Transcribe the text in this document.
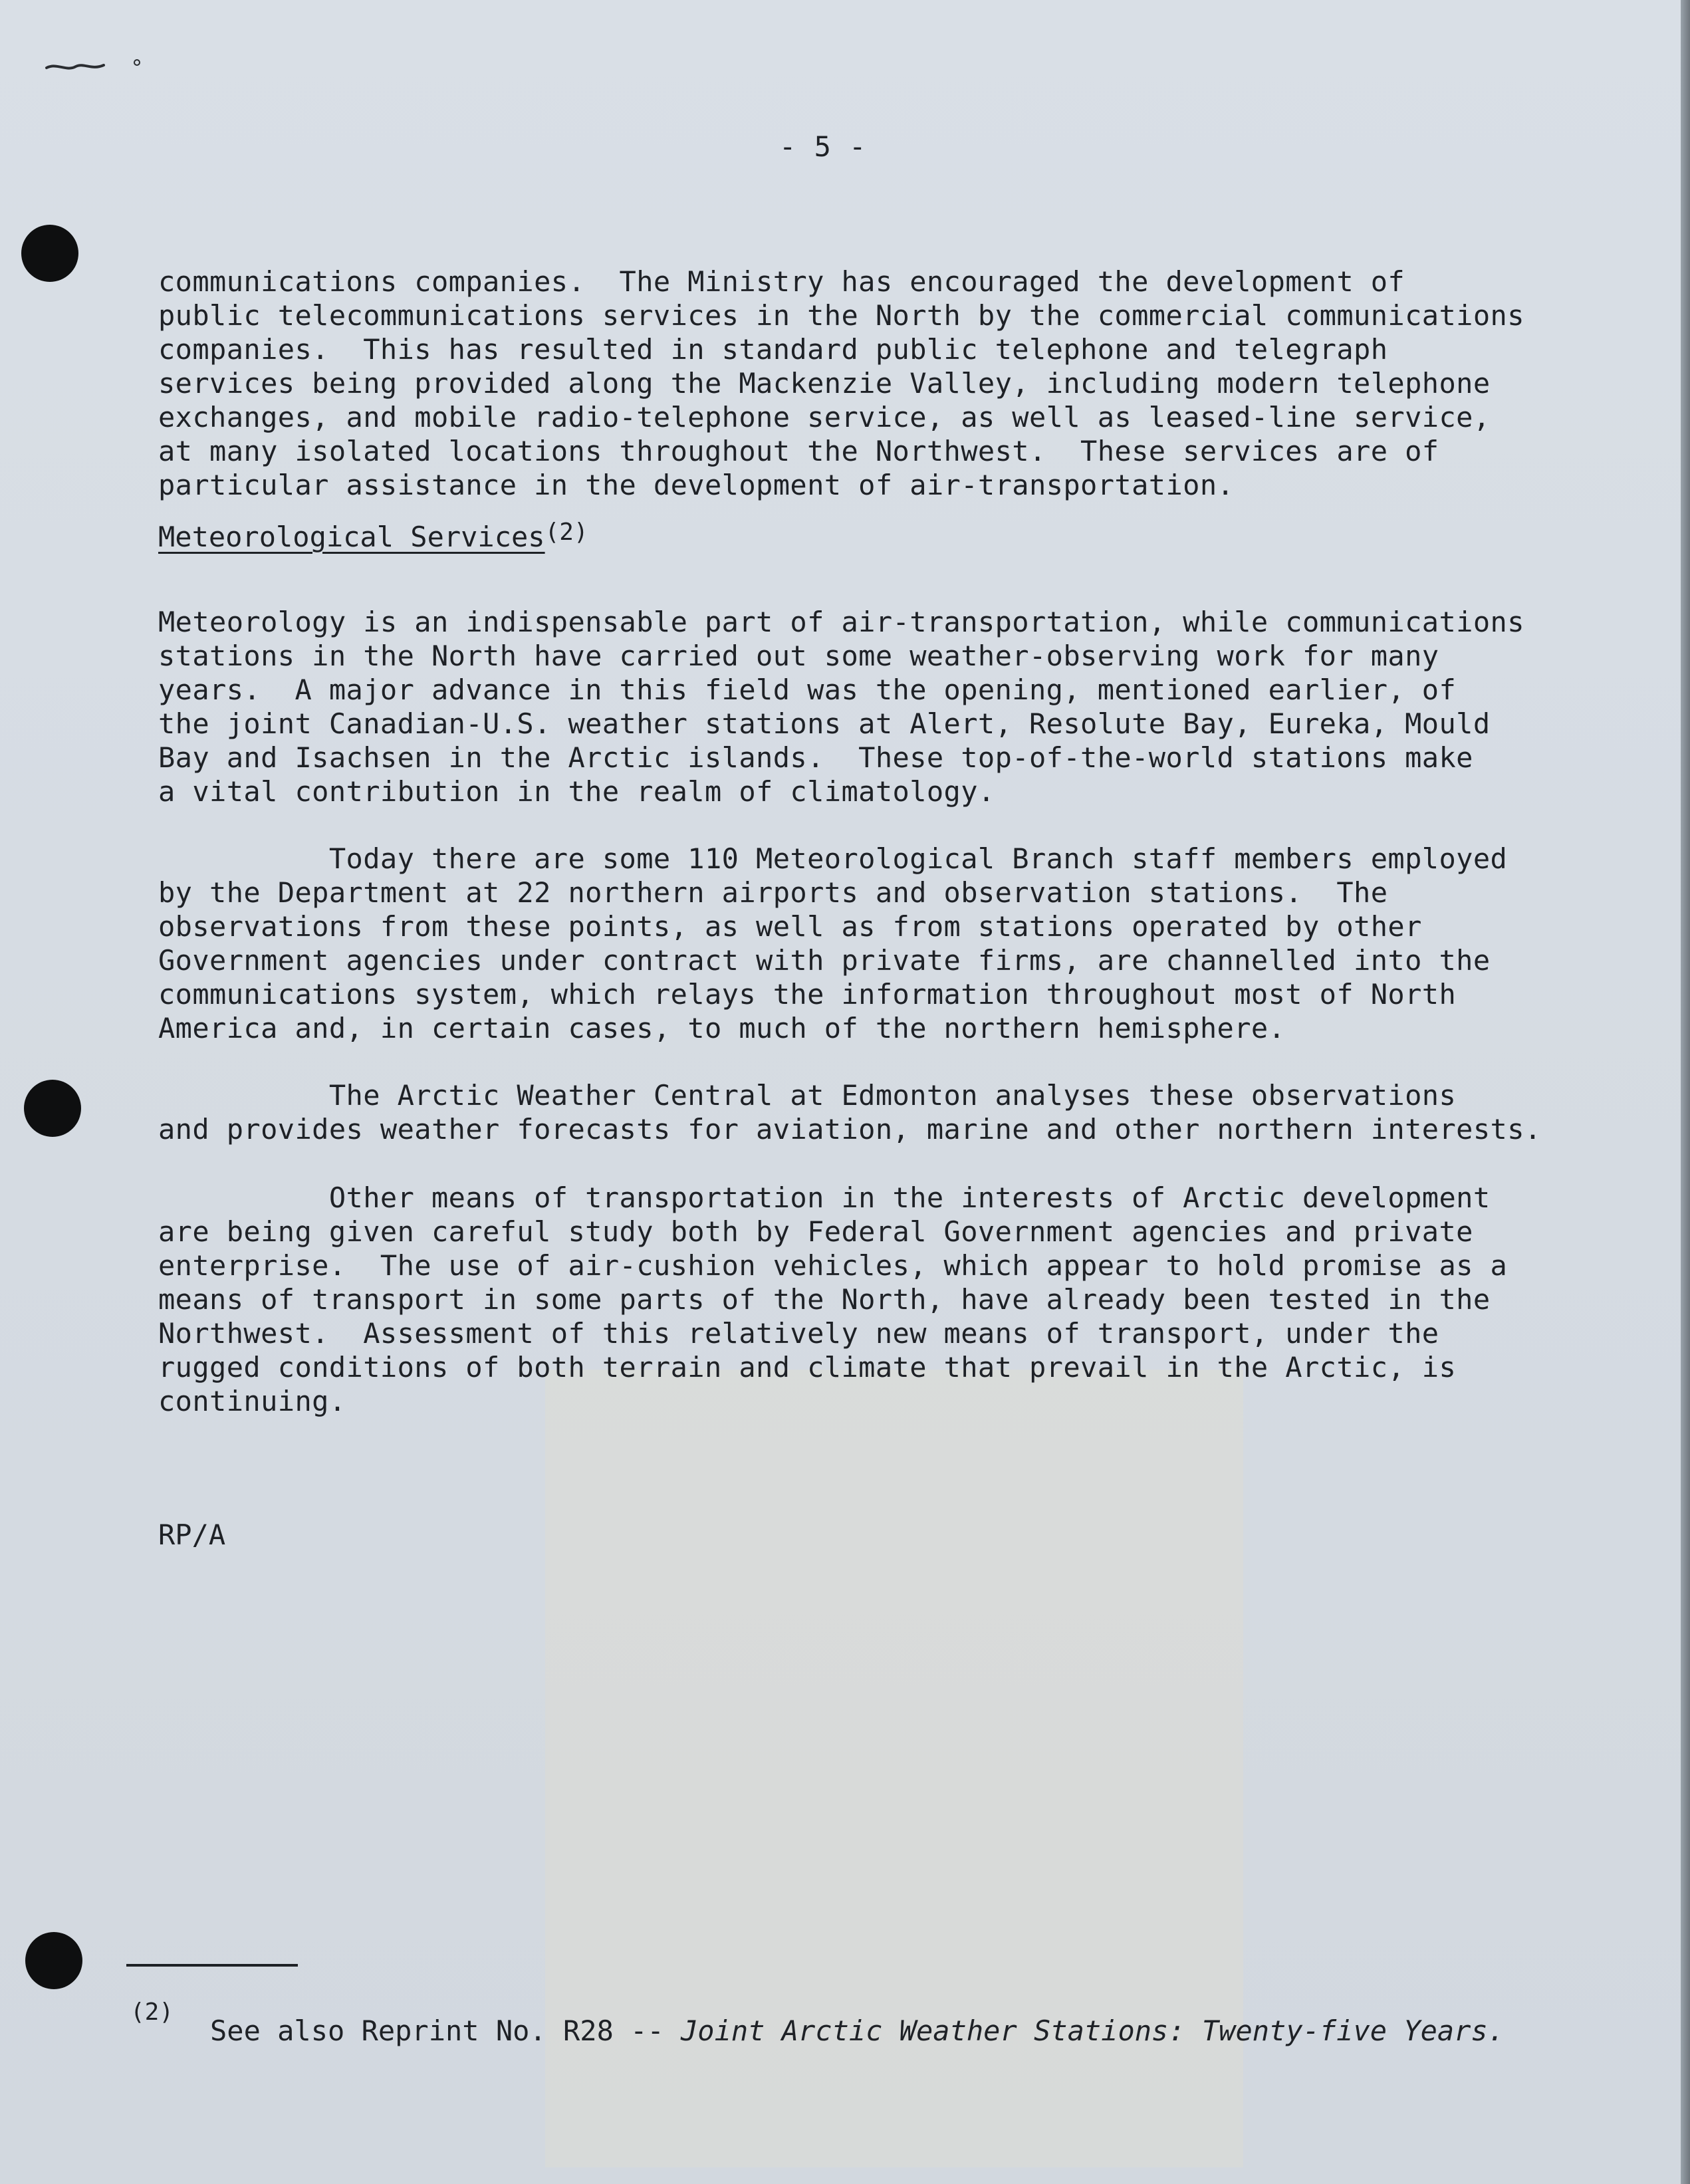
- 5 -
communications companies.  The Ministry has encouraged the development of
public telecommunications services in the North by the commercial communications
companies.  This has resulted in standard public telephone and telegraph
services being provided along the Mackenzie Valley, including modern telephone
exchanges, and mobile radio-telephone service, as well as leased-line service,
at many isolated locations throughout the Northwest.  These services are of
particular assistance in the development of air-transportation.
Meteorological Services$^{(2)}$
Meteorology is an indispensable part of air-transportation, while communications
stations in the North have carried out some weather-observing work for many
years.  A major advance in this field was the opening, mentioned earlier, of
the joint Canadian-U.S. weather stations at Alert, Resolute Bay, Eureka, Mould
Bay and Isachsen in the Arctic islands.  These top-of-the-world stations make
a vital contribution in the realm of climatology.
Today there are some 110 Meteorological Branch staff members employed
by the Department at 22 northern airports and observation stations.  The
observations from these points, as well as from stations operated by other
Government agencies under contract with private firms, are channelled into the
communications system, which relays the information throughout most of North
America and, in certain cases, to much of the northern hemisphere.
The Arctic Weather Central at Edmonton analyses these observations
and provides weather forecasts for aviation, marine and other northern interests.
Other means of transportation in the interests of Arctic development
are being given careful study both by Federal Government agencies and private
enterprise.  The use of air-cushion vehicles, which appear to hold promise as a
means of transport in some parts of the North, have already been tested in the
Northwest.  Assessment of this relatively new means of transport, under the
rugged conditions of both terrain and climate that prevail in the Arctic, is
continuing.
RP/A
(2)
See also Reprint No. R28 -- Joint Arctic Weather Stations: Twenty-five Years.
